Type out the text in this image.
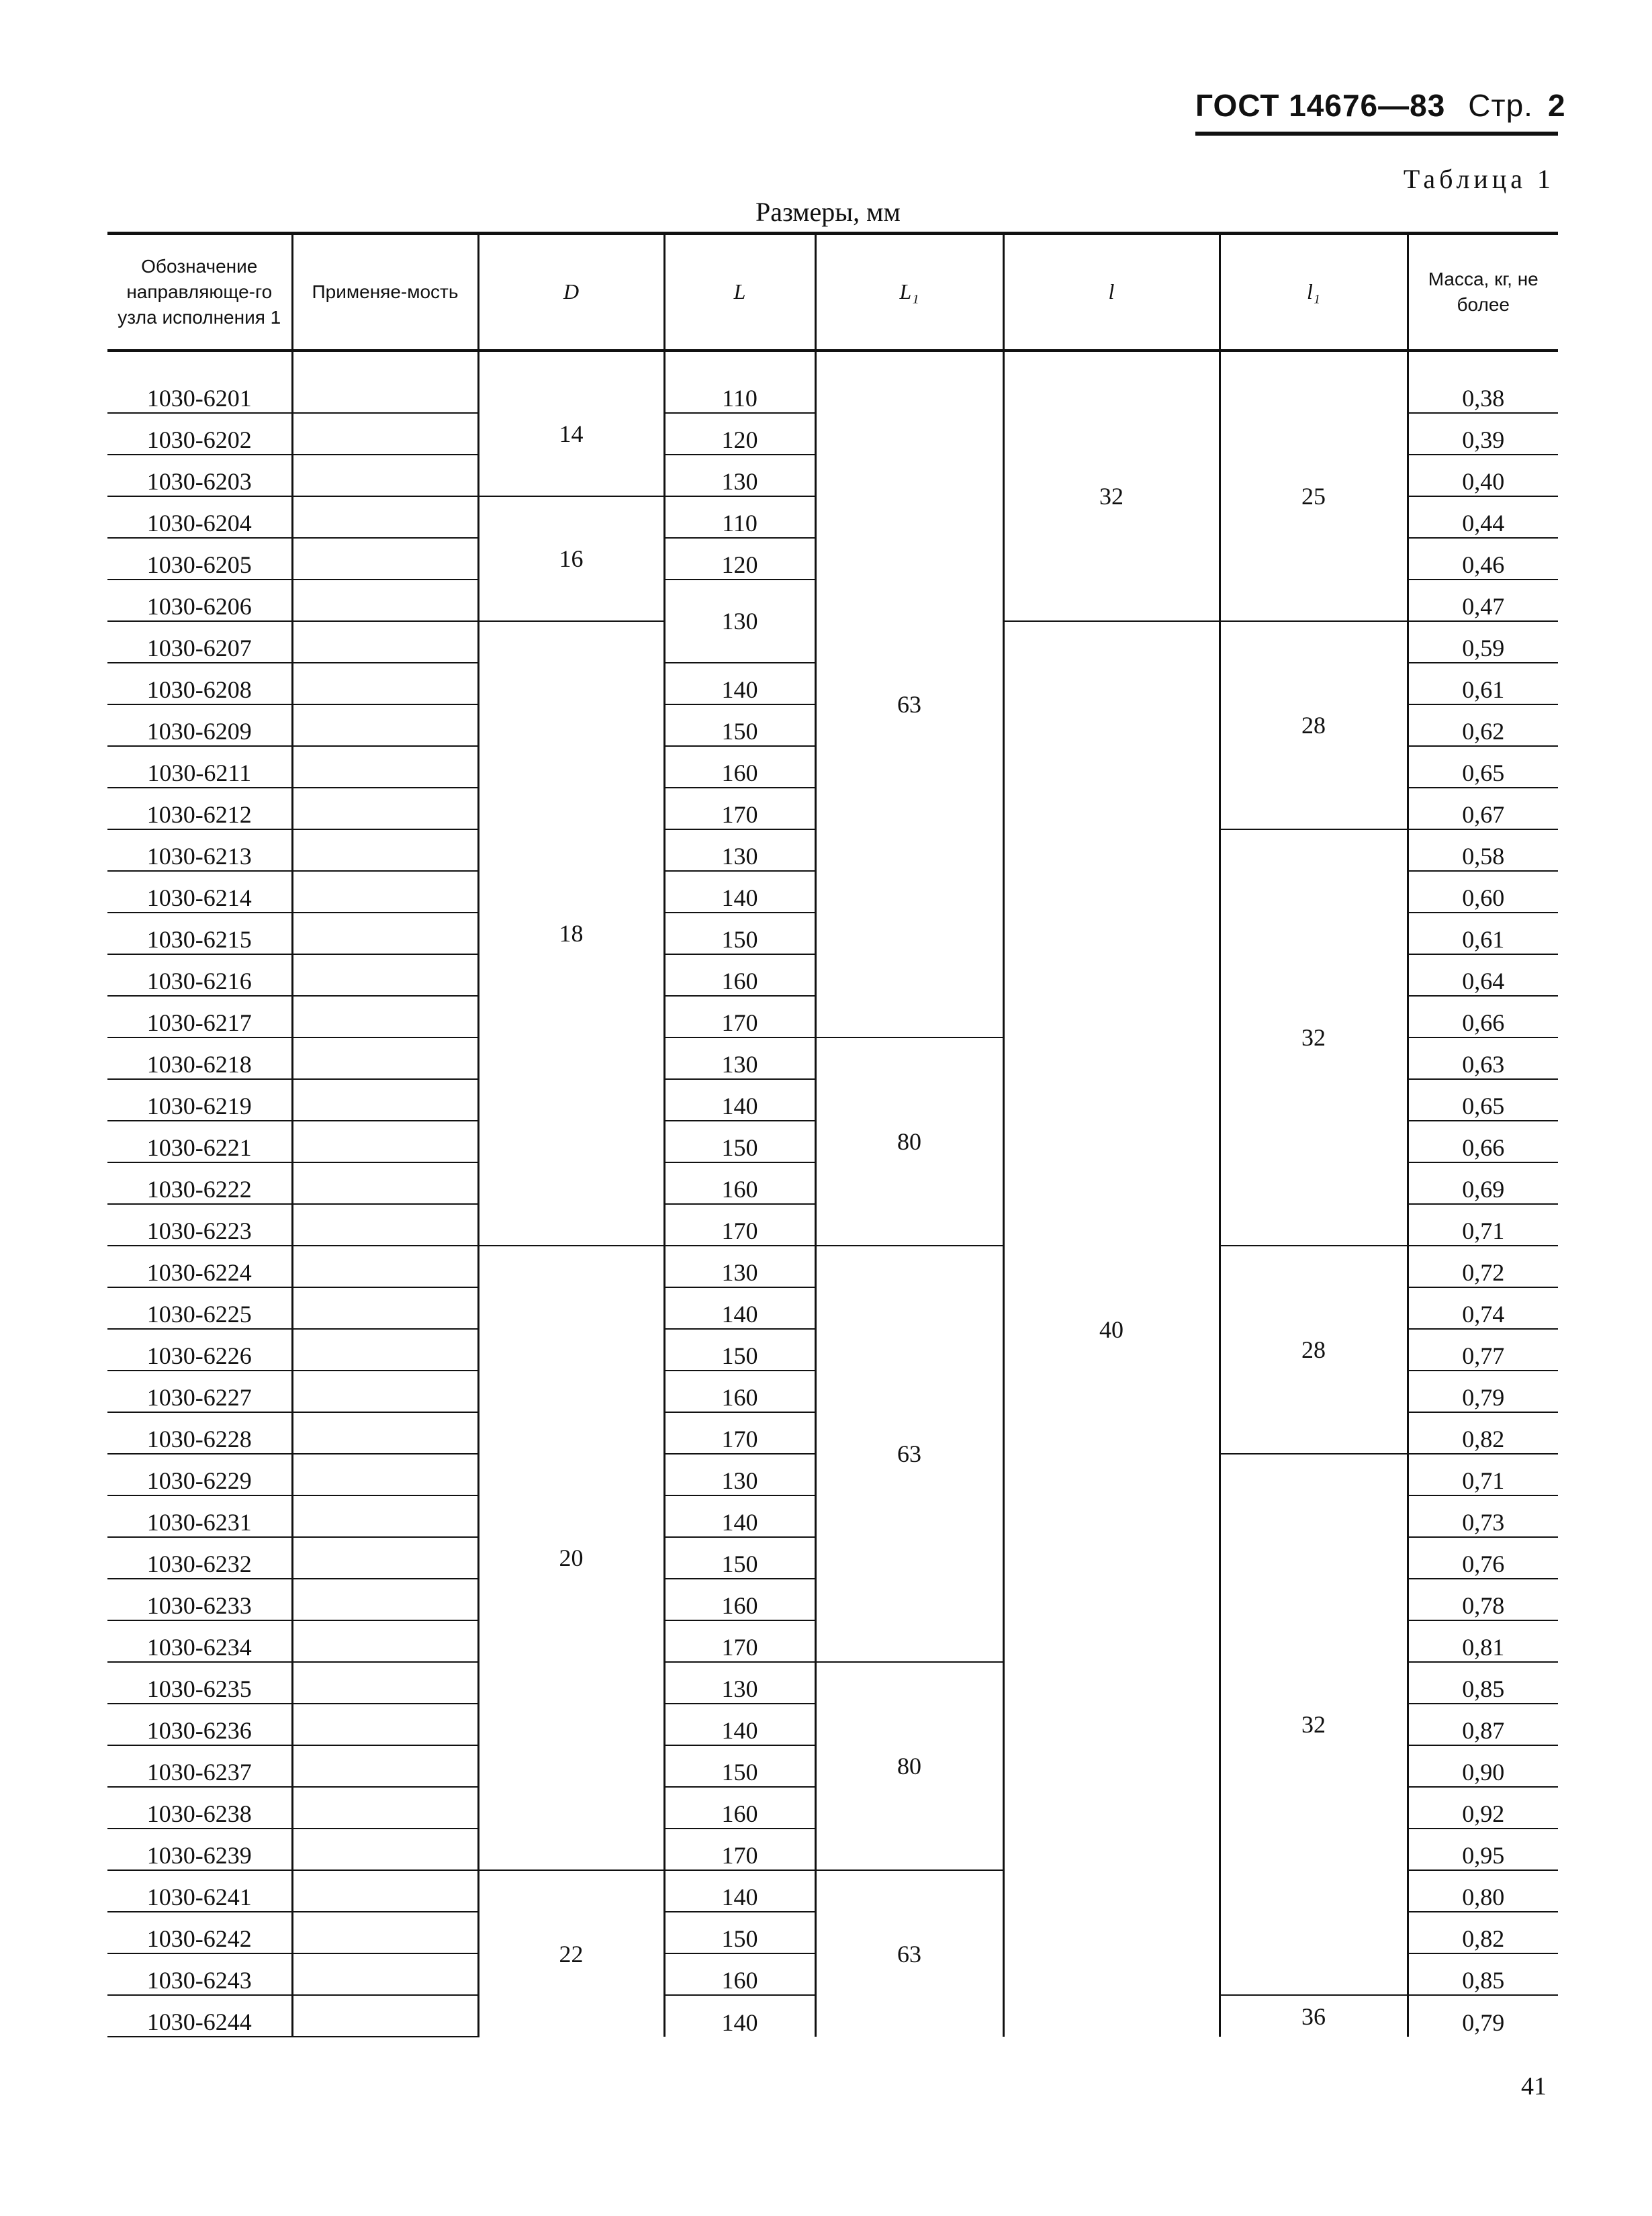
ГОСТ 14676—83 Стр. 2
Таблица 1
Размеры, мм
Обозначение направляюще-го узла исполнения 1	Применяе-мость	D	L	L₁	l	l₁	Масса, кг, не более
1030-6201		14	110	63	32	25	0,38
1030-6202			120				0,39
1030-6203			130				0,40
1030-6204		16	110				0,44
1030-6205			120				0,46
1030-6206			130				0,47
1030-6207		18			40	28	0,59
1030-6208			140				0,61
1030-6209			150				0,62
1030-6211			160				0,65
1030-6212			170				0,67
1030-6213			130			32	0,58
1030-6214			140				0,60
1030-6215			150				0,61
1030-6216			160				0,64
1030-6217			170				0,66
1030-6218			130	80			0,63
1030-6219			140				0,65
1030-6221			150				0,66
1030-6222			160				0,69
1030-6223			170				0,71
1030-6224		20	130	63		28	0,72
1030-6225			140				0,74
1030-6226			150				0,77
1030-6227			160				0,79
1030-6228			170				0,82
1030-6229			130			32	0,71
1030-6231			140				0,73
1030-6232			150				0,76
1030-6233			160				0,78
1030-6234			170				0,81
1030-6235			130	80			0,85
1030-6236			140				0,87
1030-6237			150				0,90
1030-6238			160				0,92
1030-6239			170				0,95
1030-6241		22	140	63			0,80
1030-6242			150				0,82
1030-6243			160				0,85
1030-6244			140			36	0,79
41
